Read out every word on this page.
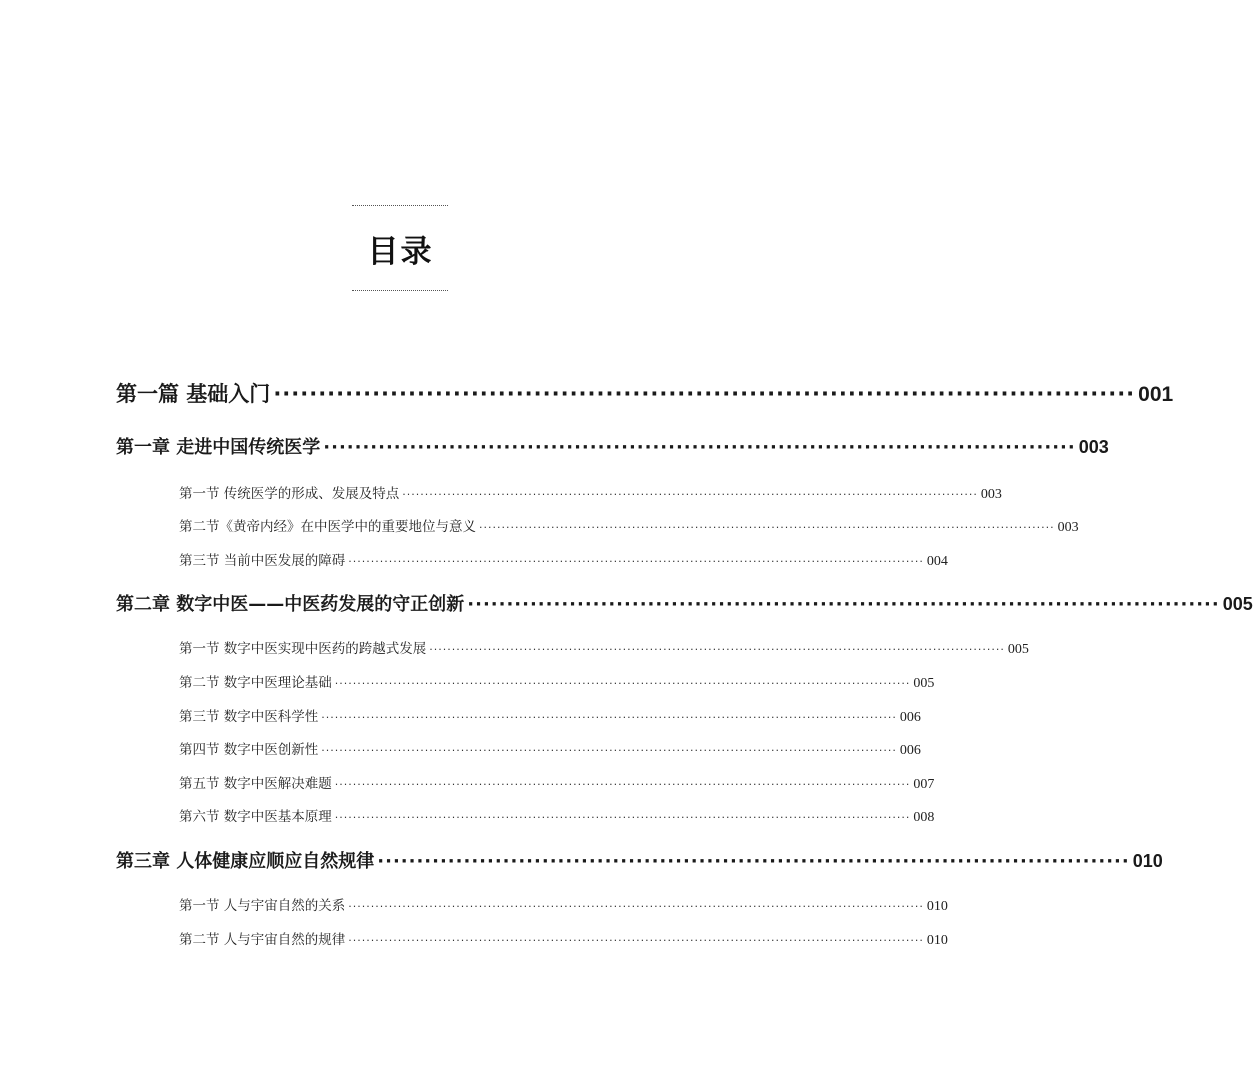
目录
第一篇 基础入门 ································································································ 001
第一章 走进中国传统医学 ································································································ 003
第一节 传统医学的形成、发展及特点 ································································································································ 003
第二节《黄帝内经》在中医学中的重要地位与意义 ································································································································ 003
第三节 当前中医发展的障碍 ································································································································ 004
第二章 数字中医——中医药发展的守正创新 ································································································ 005
第一节 数字中医实现中医药的跨越式发展 ································································································································ 005
第二节 数字中医理论基础 ································································································································ 005
第三节 数字中医科学性 ································································································································ 006
第四节 数字中医创新性 ································································································································ 006
第五节 数字中医解决难题 ································································································································ 007
第六节 数字中医基本原理 ································································································································ 008
第三章 人体健康应顺应自然规律 ································································································ 010
第一节 人与宇宙自然的关系 ································································································································ 010
第二节 人与宇宙自然的规律 ································································································································ 010
